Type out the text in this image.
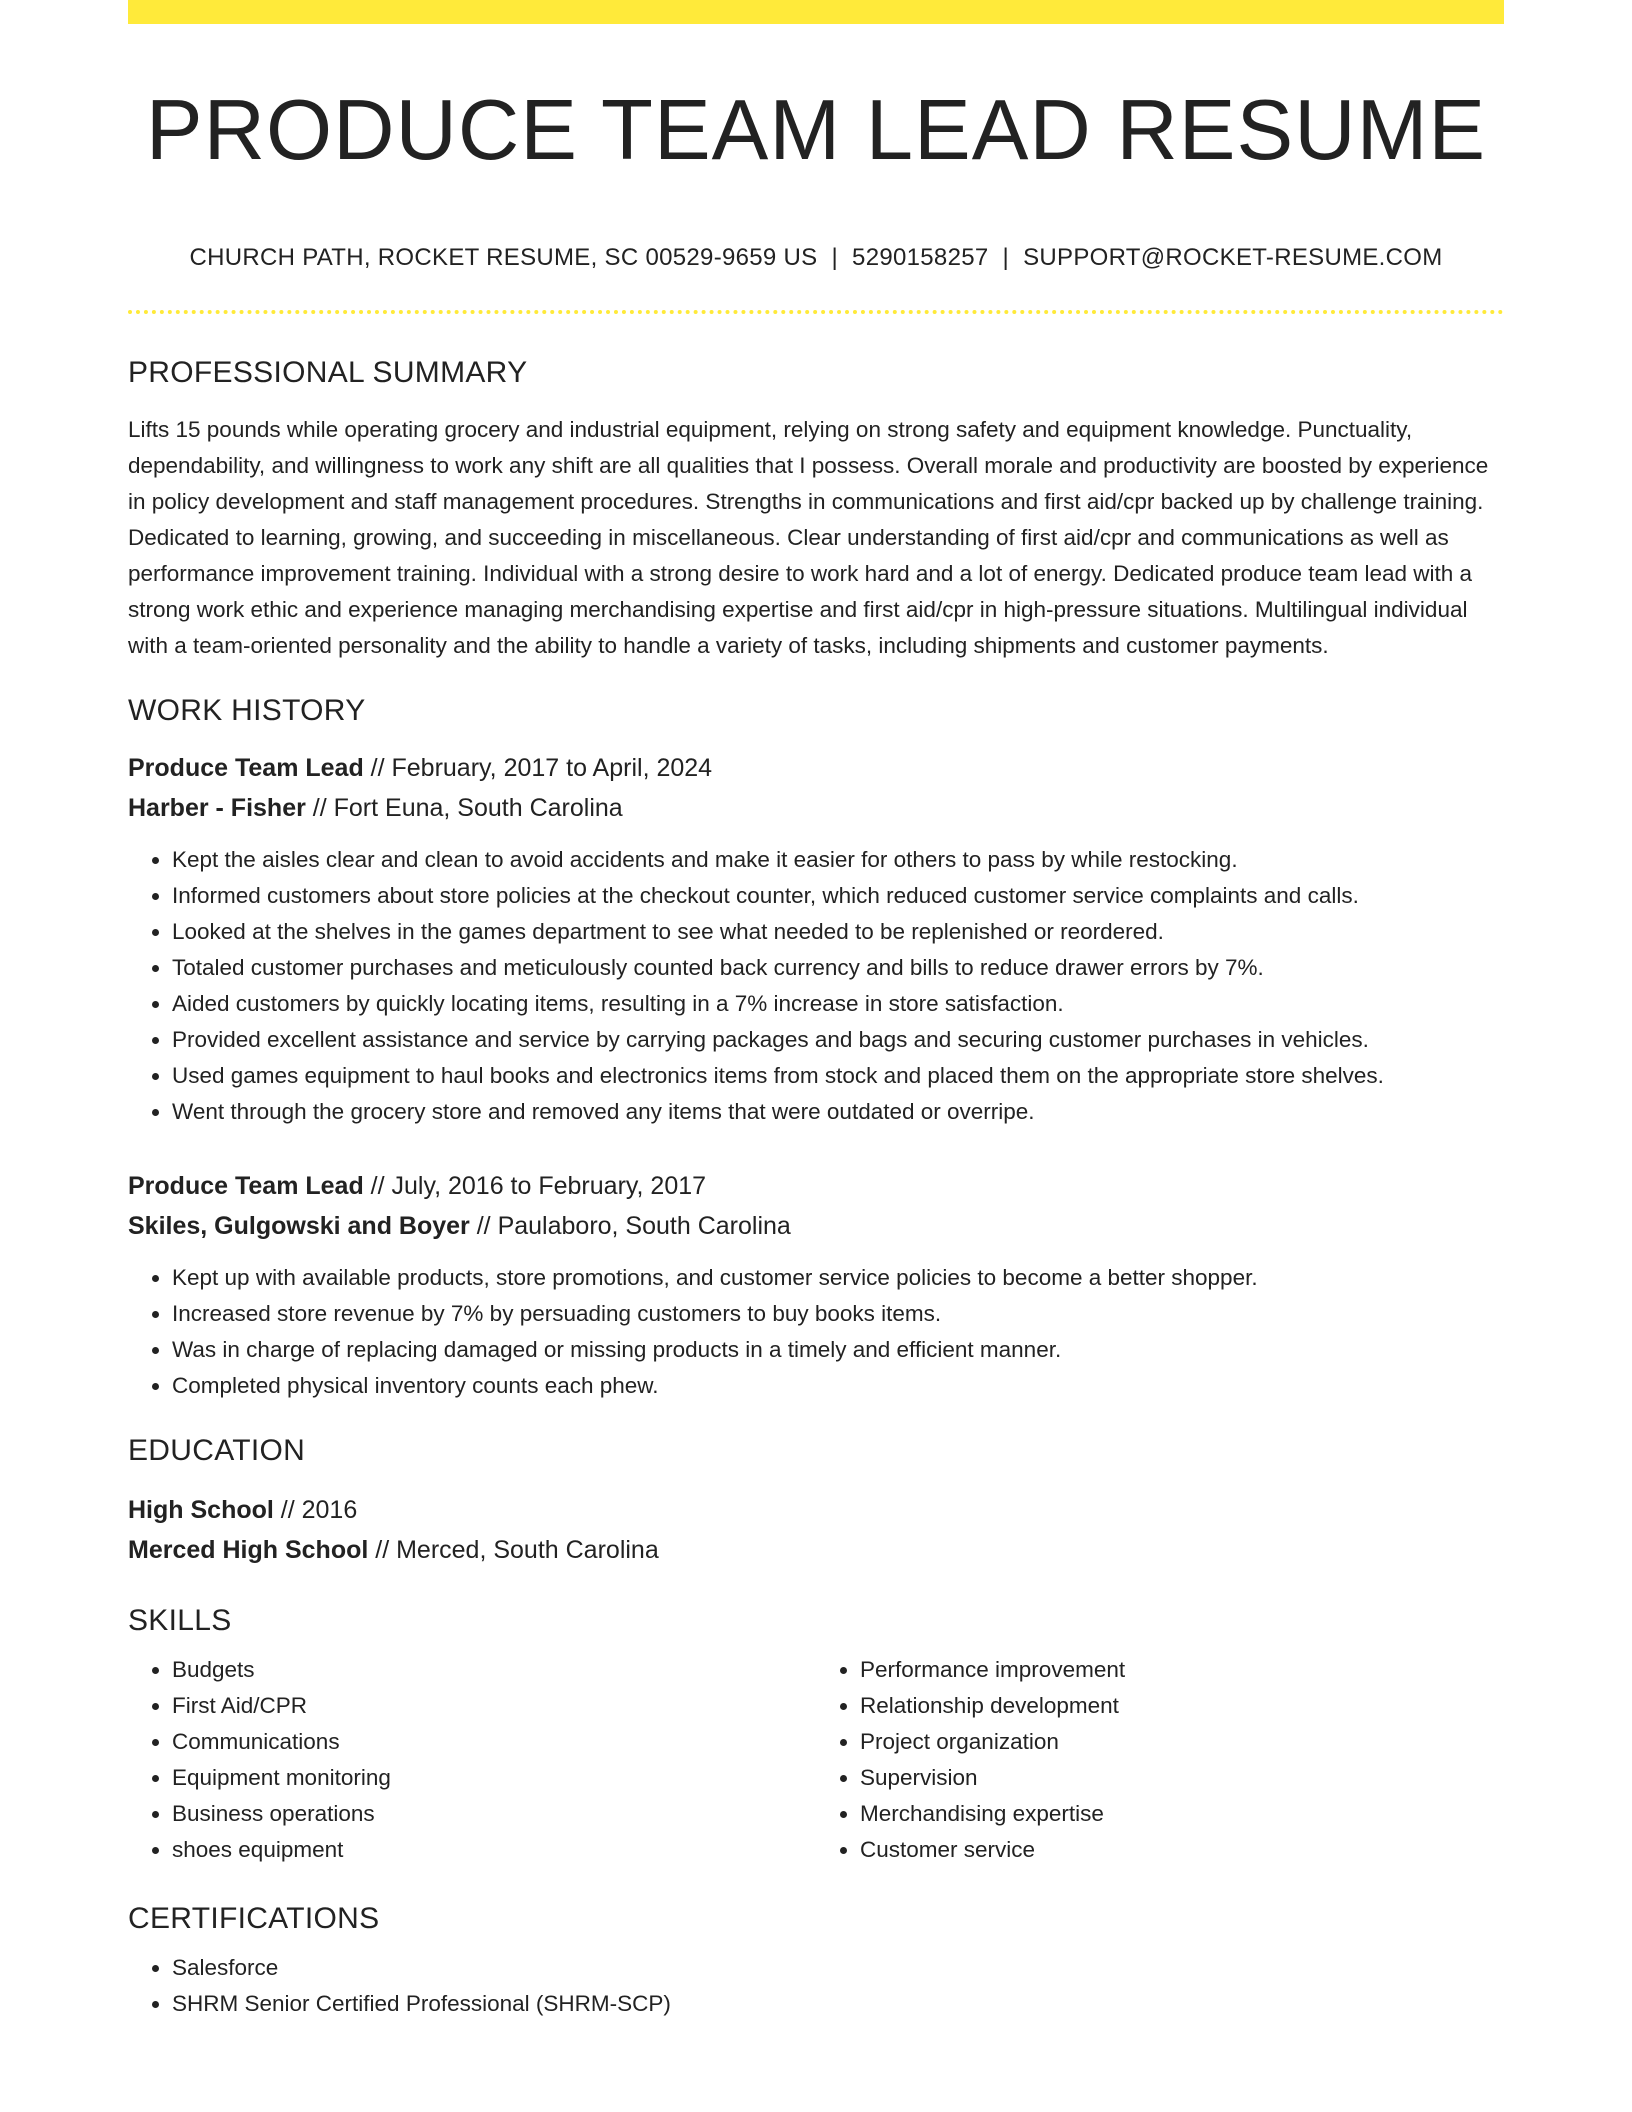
PRODUCE TEAM LEAD RESUME
CHURCH PATH, ROCKET RESUME, SC 00529-9659 US | 5290158257 | SUPPORT@ROCKET-RESUME.COM
PROFESSIONAL SUMMARY

Lifts 15 pounds while operating grocery and industrial equipment, relying on strong safety and equipment knowledge. Punctuality, dependability, and willingness to work any shift are all qualities that I possess. Overall morale and productivity are boosted by experience in policy development and staff management procedures. Strengths in communications and first aid/cpr backed up by challenge training. Dedicated to learning, growing, and succeeding in miscellaneous. Clear understanding of first aid/cpr and communications as well as performance improvement training. Individual with a strong desire to work hard and a lot of energy. Dedicated produce team lead with a strong work ethic and experience managing merchandising expertise and first aid/cpr in high-pressure situations. Multilingual individual with a team-oriented personality and the ability to handle a variety of tasks, including shipments and customer payments.

WORK HISTORY
Produce Team Lead // February, 2017 to April, 2024
Harber - Fisher // Fort Euna, South Carolina
• Kept the aisles clear and clean to avoid accidents and make it easier for others to pass by while restocking.
• Informed customers about store policies at the checkout counter, which reduced customer service complaints and calls.
• Looked at the shelves in the games department to see what needed to be replenished or reordered.
• Totaled customer purchases and meticulously counted back currency and bills to reduce drawer errors by 7%.
• Aided customers by quickly locating items, resulting in a 7% increase in store satisfaction.
• Provided excellent assistance and service by carrying packages and bags and securing customer purchases in vehicles.
• Used games equipment to haul books and electronics items from stock and placed them on the appropriate store shelves.
• Went through the grocery store and removed any items that were outdated or overripe.
Produce Team Lead // July, 2016 to February, 2017
Skiles, Gulgowski and Boyer // Paulaboro, South Carolina
• Kept up with available products, store promotions, and customer service policies to become a better shopper.
• Increased store revenue by 7% by persuading customers to buy books items.
• Was in charge of replacing damaged or missing products in a timely and efficient manner.
• Completed physical inventory counts each phew.
EDUCATION
High School // 2016
Merced High School // Merced, South Carolina
SKILLS
• Budgets
• First Aid/CPR
• Communications
• Equipment monitoring
• Business operations
• shoes equipment
• Performance improvement
• Relationship development
• Project organization
• Supervision
• Merchandising expertise
• Customer service
CERTIFICATIONS
• Salesforce
• SHRM Senior Certified Professional (SHRM-SCP)
